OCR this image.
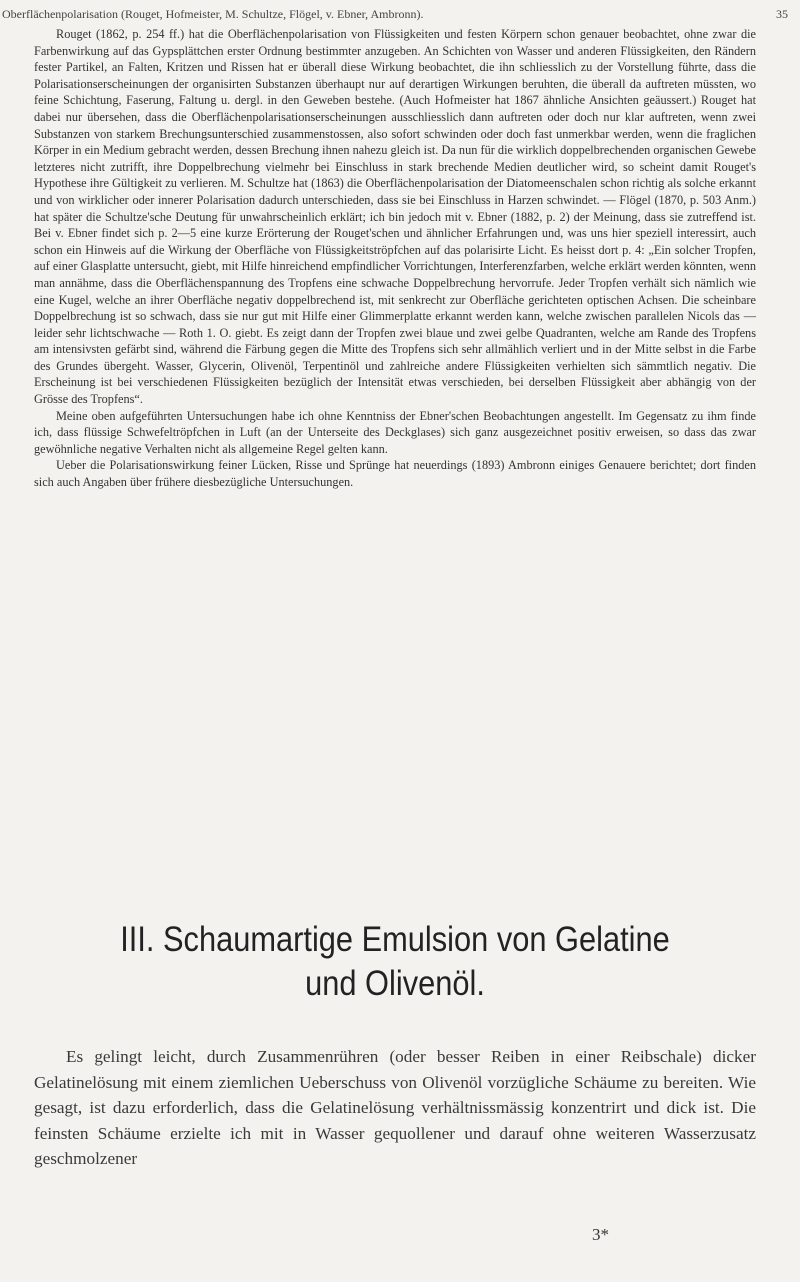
Oberflächenpolarisation (Rouget, Hofmeister, M. Schultze, Flögel, v. Ebner, Ambronn).	35

Rouget (1862, p. 254 ff.) hat die Oberflächenpolarisation von Flüssigkeiten und festen Körpern schon genauer beobachtet, ohne zwar die Farbenwirkung auf das Gypsplättchen erster Ordnung bestimmter anzugeben. An Schichten von Wasser und anderen Flüssigkeiten, den Rändern fester Partikel, an Falten, Kritzen und Rissen hat er überall diese Wirkung beobachtet, die ihn schliesslich zu der Vorstellung führte, dass die Polarisationserscheinungen der organisirten Substanzen überhaupt nur auf derartigen Wirkungen beruhten, die überall da auftreten müssten, wo feine Schichtung, Faserung, Faltung u. dergl. in den Geweben bestehe. (Auch Hofmeister hat 1867 ähnliche Ansichten geäussert.) Rouget hat dabei nur übersehen, dass die Oberflächenpolarisationserscheinungen ausschliesslich dann auftreten oder doch nur klar auftreten, wenn zwei Substanzen von starkem Brechungsunterschied zusammenstossen, also sofort schwinden oder doch fast unmerkbar werden, wenn die fraglichen Körper in ein Medium gebracht werden, dessen Brechung ihnen nahezu gleich ist. Da nun für die wirklich doppelbrechenden organischen Gewebe letzteres nicht zutrifft, ihre Doppelbrechung vielmehr bei Einschluss in stark brechende Medien deutlicher wird, so scheint damit Rouget's Hypothese ihre Gültigkeit zu verlieren. M. Schultze hat (1863) die Oberflächenpolarisation der Diatomeenschalen schon richtig als solche erkannt und von wirklicher oder innerer Polarisation dadurch unterschieden, dass sie bei Einschluss in Harzen schwindet. — Flögel (1870, p. 503 Anm.) hat später die Schultze'sche Deutung für unwahrscheinlich erklärt; ich bin jedoch mit v. Ebner (1882, p. 2) der Meinung, dass sie zutreffend ist. Bei v. Ebner findet sich p. 2—5 eine kurze Erörterung der Rouget'schen und ähnlicher Erfahrungen und, was uns hier speziell interessirt, auch schon ein Hinweis auf die Wirkung der Oberfläche von Flüssigkeitströpfchen auf das polarisirte Licht. Es heisst dort p. 4: „Ein solcher Tropfen, auf einer Glasplatte untersucht, giebt, mit Hilfe hinreichend empfindlicher Vorrichtungen, Interferenzfarben, welche erklärt werden könnten, wenn man annähme, dass die Oberflächenspannung des Tropfens eine schwache Doppelbrechung hervorrufe. Jeder Tropfen verhält sich nämlich wie eine Kugel, welche an ihrer Oberfläche negativ doppelbrechend ist, mit senkrecht zur Oberfläche gerichteten optischen Achsen. Die scheinbare Doppelbrechung ist so schwach, dass sie nur gut mit Hilfe einer Glimmerplatte erkannt werden kann, welche zwischen parallelen Nicols das — leider sehr lichtschwache — Roth 1. O. giebt. Es zeigt dann der Tropfen zwei blaue und zwei gelbe Quadranten, welche am Rande des Tropfens am intensivsten gefärbt sind, während die Färbung gegen die Mitte des Tropfens sich sehr allmählich verliert und in der Mitte selbst in die Farbe des Grundes übergeht. Wasser, Glycerin, Olivenöl, Terpentinöl und zahlreiche andere Flüssigkeiten verhielten sich sämmtlich negativ. Die Erscheinung ist bei verschiedenen Flüssigkeiten bezüglich der Intensität etwas verschieden, bei derselben Flüssigkeit aber abhängig von der Grösse des Tropfens“.

Meine oben aufgeführten Untersuchungen habe ich ohne Kenntniss der Ebner'schen Beobachtungen angestellt. Im Gegensatz zu ihm finde ich, dass flüssige Schwefeltröpfchen in Luft (an der Unterseite des Deckglases) sich ganz ausgezeichnet positiv erweisen, so dass das zwar gewöhnliche negative Verhalten nicht als allgemeine Regel gelten kann.

Ueber die Polarisationswirkung feiner Lücken, Risse und Sprünge hat neuerdings (1893) Ambronn einiges Genauere berichtet; dort finden sich auch Angaben über frühere diesbezügliche Untersuchungen.

III. Schaumartige Emulsion von Gelatine
und Olivenöl.

Es gelingt leicht, durch Zusammenrühren (oder besser Reiben in einer Reibschale) dicker Gelatinelösung mit einem ziemlichen Ueberschuss von Olivenöl vorzügliche Schäume zu bereiten. Wie gesagt, ist dazu erforderlich, dass die Gelatinelösung verhältnissmässig konzentrirt und dick ist. Die feinsten Schäume erzielte ich mit in Wasser gequollener und darauf ohne weiteren Wasserzusatz geschmolzener

3*
